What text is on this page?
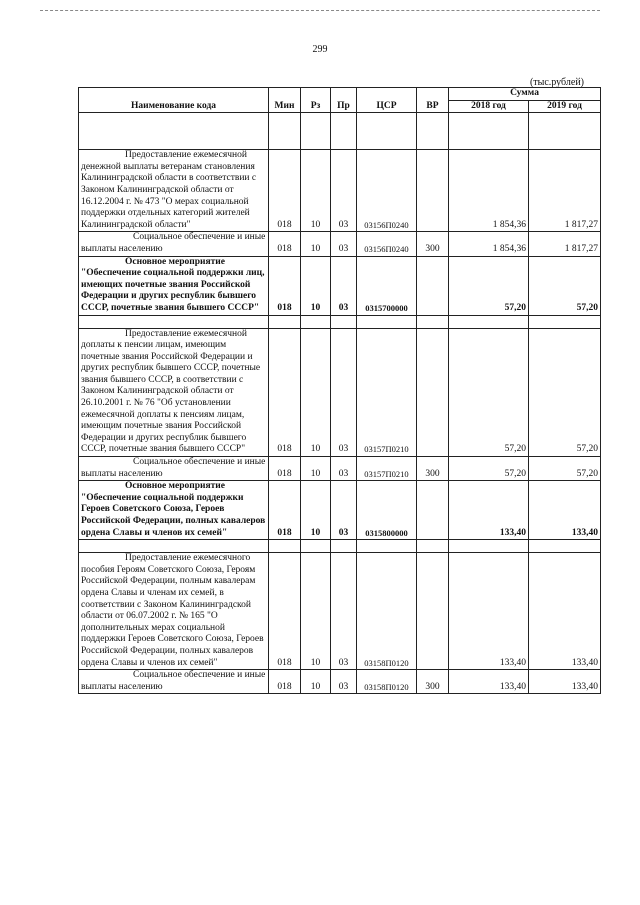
299
(тыс.рублей)
Наименование кода	Мин	Рз	Пр	ЦСР	ВР	Сумма	
						2018 год	2019 год

Предоставление ежемесячной денежной выплаты ветеранам становления Калининградской области в соответствии с Законом Калининградской области от 16.12.2004 г. № 473 "О мерах социальной поддержки отдельных категорий жителей Калининградской области"	018	10	03	03156П0240		1 854,36	1 817,27
Социальное обеспечение и иные выплаты населению	018	10	03	03156П0240	300	1 854,36	1 817,27
Основное мероприятие "Обеспечение социальной поддержки лиц, имеющих почетные звания Российской Федерации и других республик бывшего СССР, почетные звания бывшего СССР"	018	10	03	0315700000		57,20	57,20

Предоставление ежемесячной доплаты к пенсии лицам, имеющим почетные звания Российской Федерации и других республик бывшего СССР, почетные звания бывшего СССР, в соответствии с Законом Калининградской области от 26.10.2001 г. № 76 "Об установлении ежемесячной доплаты к пенсиям лицам, имеющим почетные звания Российской Федерации и других республик бывшего СССР, почетные звания бывшего СССР"	018	10	03	03157П0210		57,20	57,20
Социальное обеспечение и иные выплаты населению	018	10	03	03157П0210	300	57,20	57,20
Основное мероприятие "Обеспечение социальной поддержки Героев Советского Союза, Героев Российской Федерации, полных кавалеров ордена Славы и членов их семей"	018	10	03	0315800000		133,40	133,40

Предоставление ежемесячного пособия Героям Советского Союза, Героям Российской Федерации, полным кавалерам ордена Славы и членам их семей, в соответствии с Законом Калининградской области от 06.07.2002 г. № 165 "О дополнительных мерах социальной поддержки Героев Советского Союза, Героев Российской Федерации, полных кавалеров ордена Славы и членов их семей"	018	10	03	03158П0120		133,40	133,40
Социальное обеспечение и иные выплаты населению	018	10	03	03158П0120	300	133,40	133,40
